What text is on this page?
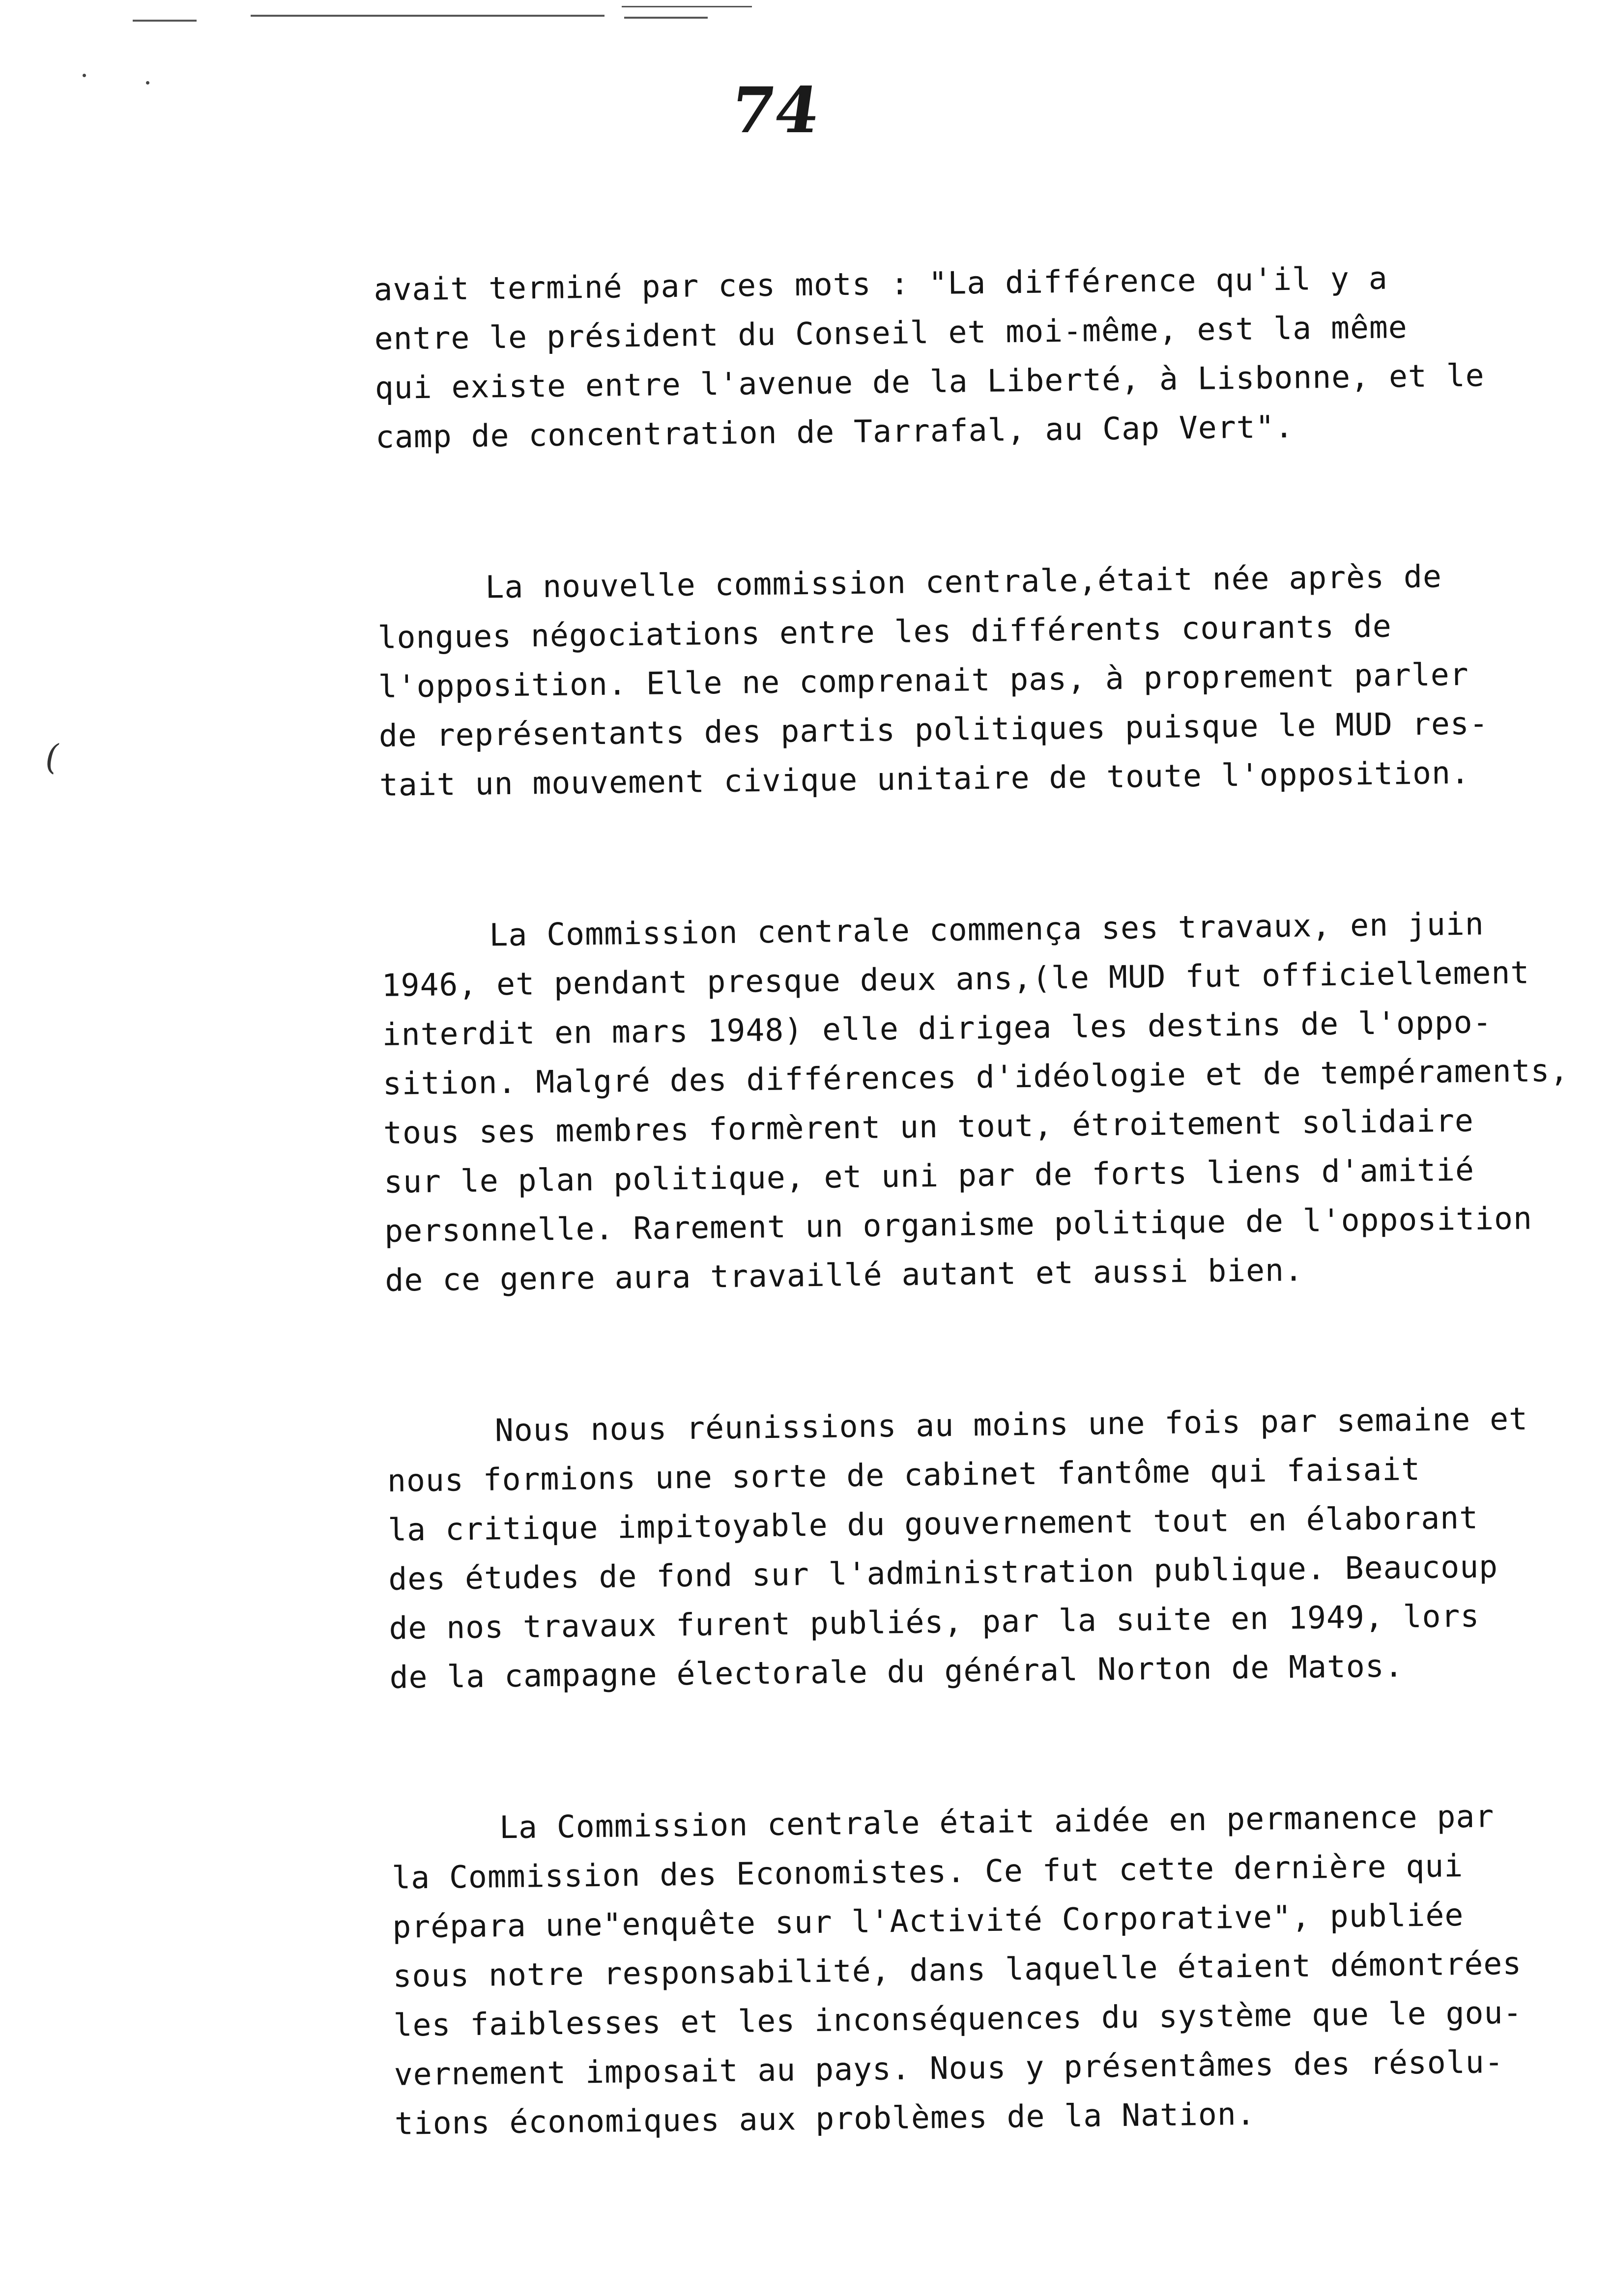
(
74
avait terminé par ces mots : "La différence qu'il y a
entre le président du Conseil et moi-même, est la même
qui existe entre l'avenue de la Liberté, à Lisbonne, et le
camp de concentration de Tarrafal, au Cap Vert".
La nouvelle commission centrale,était née après de
longues négociations entre les différents courants de
l'opposition. Elle ne comprenait pas, à proprement parler
de représentants des partis politiques puisque le MUD res-
tait un mouvement civique unitaire de toute l'opposition.
La Commission centrale commença ses travaux, en juin
1946, et pendant presque deux ans,(le MUD fut officiellement
interdit en mars 1948) elle dirigea les destins de l'oppo-
sition. Malgré des différences d'idéologie et de tempéraments,
tous ses membres formèrent un tout, étroitement solidaire
sur le plan politique, et uni par de forts liens d'amitié
personnelle. Rarement un organisme politique de l'opposition
de ce genre aura travaillé autant et aussi bien.
Nous nous réunissions au moins une fois par semaine et
nous formions une sorte de cabinet fantôme qui faisait
la critique impitoyable du gouvernement tout en élaborant
des études de fond sur l'administration publique. Beaucoup
de nos travaux furent publiés, par la suite en 1949, lors
de la campagne électorale du général Norton de Matos.
La Commission centrale était aidée en permanence par
la Commission des Economistes. Ce fut cette dernière qui
prépara une"enquête sur l'Activité Corporative", publiée
sous notre responsabilité, dans laquelle étaient démontrées
les faiblesses et les inconséquences du système que le gou-
vernement imposait au pays. Nous y présentâmes des résolu-
tions économiques aux problèmes de la Nation.
